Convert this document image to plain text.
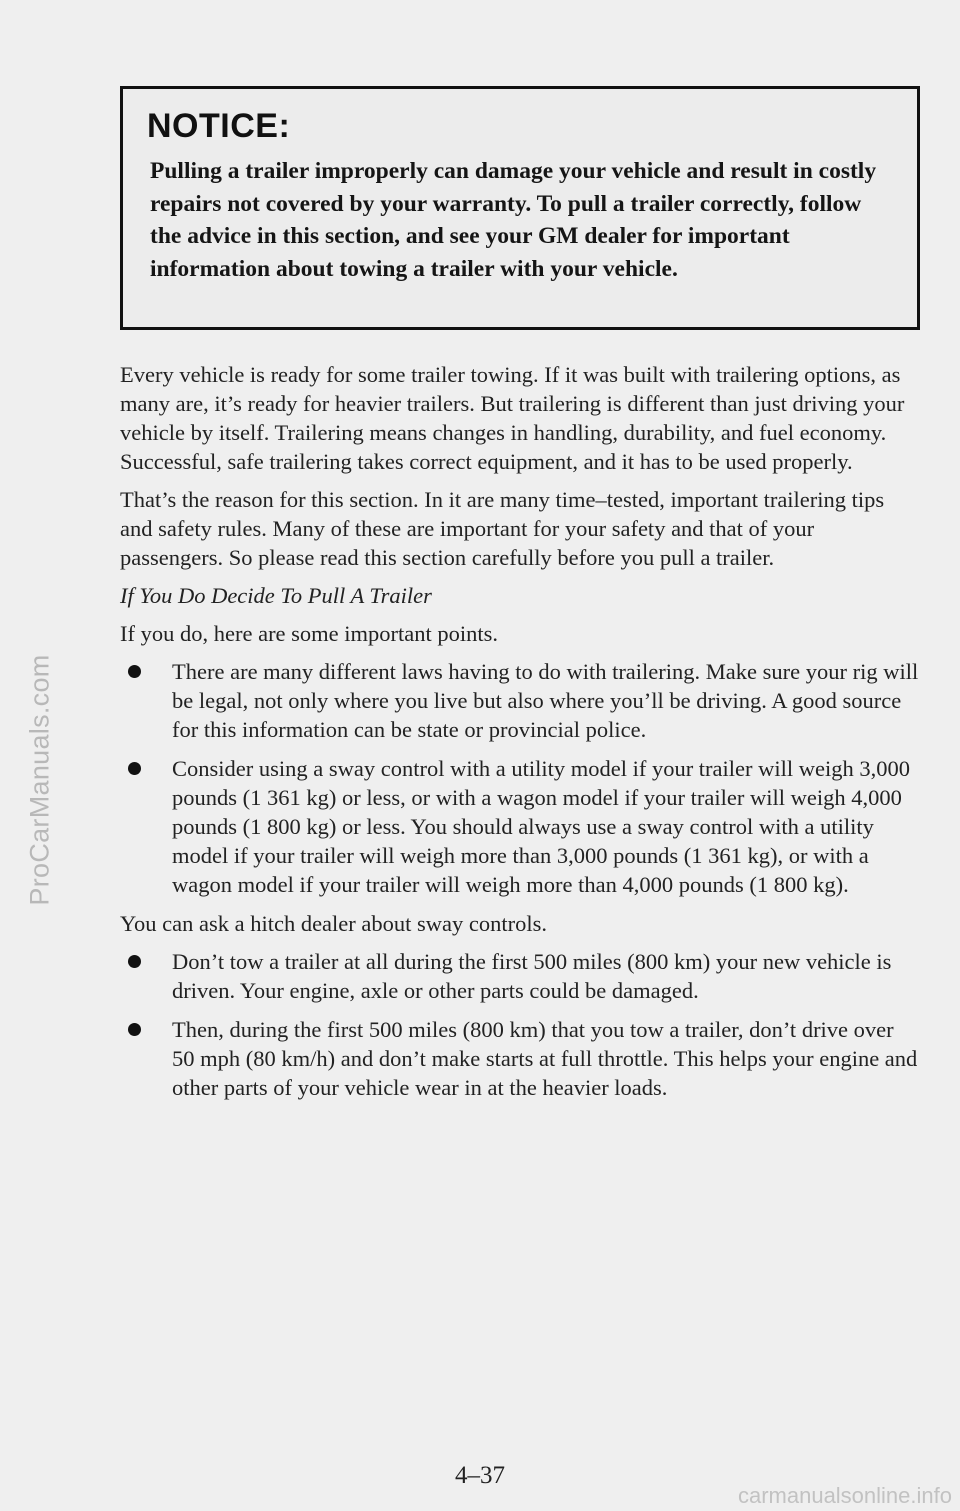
ProCarManuals.com
NOTICE:
Pulling a trailer improperly can damage your vehicle and result in costly repairs not covered by your warranty. To pull a trailer correctly, follow the advice in this section, and see your GM dealer for important information about towing a trailer with your vehicle.

Every vehicle is ready for some trailer towing. If it was built with trailering options, as many are, it’s ready for heavier trailers. But trailering is different than just driving your vehicle by itself. Trailering means changes in handling, durability, and fuel economy. Successful, safe trailering takes correct equipment, and it has to be used properly.

That’s the reason for this section. In it are many time–tested, important trailering tips and safety rules. Many of these are important for your safety and that of your passengers. So please read this section carefully before you pull a trailer.

If You Do Decide To Pull A Trailer

If you do, here are some important points.

There are many different laws having to do with trailering. Make sure your rig will be legal, not only where you live but also where you’ll be driving. A good source for this information can be state or provincial police.
Consider using a sway control with a utility model if your trailer will weigh 3,000 pounds (1 361 kg) or less, or with a wagon model if your trailer will weigh 4,000 pounds (1 800 kg) or less. You should always use a sway control with a utility model if your trailer will weigh more than 3,000 pounds (1 361 kg), or with a wagon model if your trailer will weigh more than 4,000 pounds (1 800 kg).

You can ask a hitch dealer about sway controls.

Don’t tow a trailer at all during the first 500 miles (800 km) your new vehicle is driven. Your engine, axle or other parts could be damaged.
Then, during the first 500 miles (800 km) that you tow a trailer, don’t drive over 50 mph (80 km/h) and don’t make starts at full throttle. This helps your engine and other parts of your vehicle wear in at the heavier loads.
4–37
carmanualsonline.info
